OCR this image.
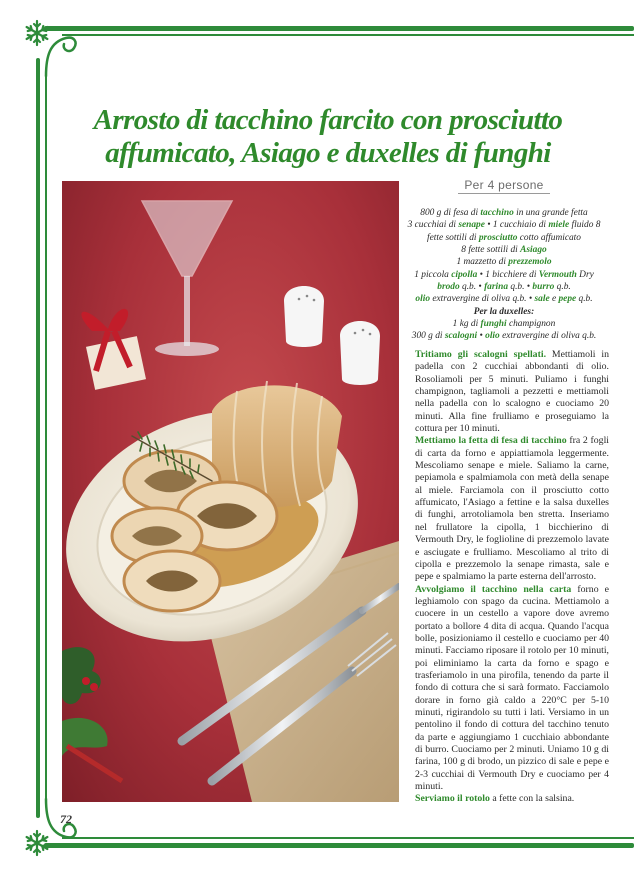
Arrosto di tacchino farcito con prosciutto affumicato, Asiago e duxelles di funghi
Per 4 persone
800 g di fesa di tacchino in una grande fetta
3 cucchiai di senape • 1 cucchiaio di miele fluido 8
fette sottili di prosciutto cotto affumicato
8 fette sottili di Asiago
1 mazzetto di prezzemolo
1 piccola cipolla • 1 bicchiere di Vermouth Dry
brodo q.b. • farina q.b. • burro q.b.
olio extravergine di oliva q.b. • sale e pepe q.b.
Per la duxelles:
1 kg di funghi champignon
300 g di scalogni • olio extravergine di oliva q.b.

Tritiamo gli scalogni spellati. Mettiamoli in padella con 2 cucchiai abbondanti di olio. Rosoliamoli per 5 minuti. Puliamo i funghi champignon, tagliamoli a pezzetti e mettiamoli nella padella con lo scalogno e cuociamo 20 minuti. Alla fine frulliamo e proseguiamo la cottura per 10 minuti.

Mettiamo la fetta di fesa di tacchino fra 2 fogli di carta da forno e appiattiamola leggermente. Mescoliamo senape e miele. Saliamo la carne, pepiamola e spalmiamola con metà della senape al miele. Farciamola con il prosciutto cotto affumicato, l'Asiago a fettine e la salsa duxelles di funghi, arrotoliamola ben stretta. Inseriamo nel frullatore la cipolla, 1 bicchierino di Vermouth Dry, le foglioline di prezzemolo lavate e asciugate e frulliamo. Mescoliamo al trito di cipolla e prezzemolo la senape rimasta, sale e pepe e spalmiamo la parte esterna dell'arrosto.

Avvolgiamo il tacchino nella carta forno e leghiamolo con spago da cucina. Mettiamolo a cuocere in un cestello a vapore dove avremo portato a bollore 4 dita di acqua. Quando l'acqua bolle, posizioniamo il cestello e cuociamo per 40 minuti. Facciamo riposare il rotolo per 10 minuti, poi eliminiamo la carta da forno e spago e trasferiamolo in una pirofila, tenendo da parte il fondo di cottura che si sarà formato. Facciamolo dorare in forno già caldo a 220°C per 5-10 minuti, rigirandolo su tutti i lati. Versiamo in un pentolino il fondo di cottura del tacchino tenuto da parte e aggiungiamo 1 cucchiaio abbondante di burro. Cuociamo per 2 minuti. Uniamo 10 g di farina, 100 g di brodo, un pizzico di sale e pepe e 2-3 cucchiai di Vermouth Dry e cuociamo per 4 minuti.

Serviamo il rotolo a fette con la salsina.

72
